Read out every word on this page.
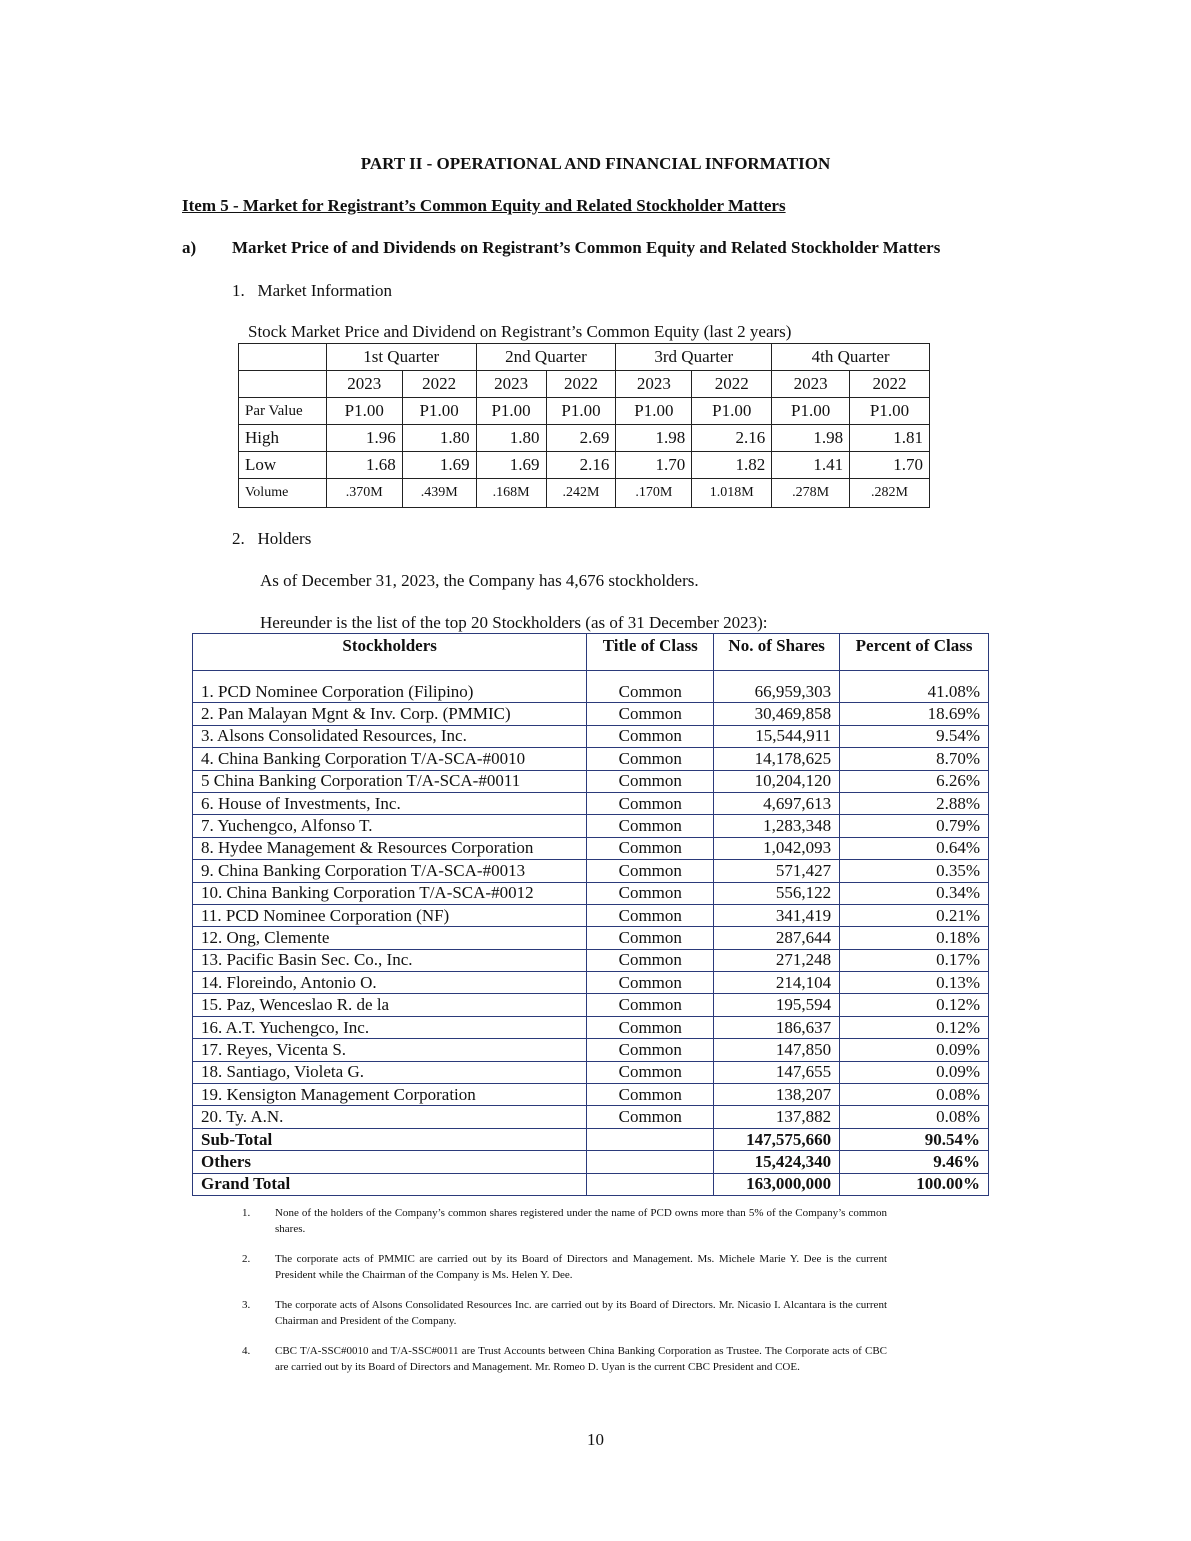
PART II - OPERATIONAL AND FINANCIAL INFORMATION
Item 5 - Market for Registrant’s Common Equity and Related Stockholder Matters
a) Market Price of and Dividends on Registrant’s Common Equity and Related Stockholder Matters
1.   Market Information
Stock Market Price and Dividend on Registrant’s Common Equity (last 2 years)
	1st Quarter		2nd Quarter		3rd Quarter		4th Quarter	
	2023	2022	2023	2022	2023	2022	2023	2022
Par Value	P1.00	P1.00	P1.00	P1.00	P1.00	P1.00	P1.00	P1.00
High	1.96	1.80	1.80	2.69	1.98	2.16	1.98	1.81
Low	1.68	1.69	1.69	2.16	1.70	1.82	1.41	1.70
Volume	.370M	.439M	.168M	.242M	.170M	1.018M	.278M	.282M
2.   Holders
As of December 31, 2023, the Company has 4,676 stockholders.
Hereunder is the list of the top 20 Stockholders (as of 31 December 2023):
Stockholders	Title of Class	No. of Shares	Percent of Class
1. PCD Nominee Corporation (Filipino)	Common	66,959,303	41.08%
2. Pan Malayan Mgnt & Inv. Corp. (PMMIC)	Common	30,469,858	18.69%
3. Alsons Consolidated Resources, Inc.	Common	15,544,911	9.54%
4. China Banking Corporation T/A-SCA-#0010	Common	14,178,625	8.70%
5 China Banking Corporation T/A-SCA-#0011	Common	10,204,120	6.26%
6. House of Investments, Inc.	Common	4,697,613	2.88%
7. Yuchengco, Alfonso T.	Common	1,283,348	0.79%
8. Hydee Management & Resources Corporation	Common	1,042,093	0.64%
9. China Banking Corporation T/A-SCA-#0013	Common	571,427	0.35%
10. China Banking Corporation T/A-SCA-#0012	Common	556,122	0.34%
11. PCD Nominee Corporation (NF)	Common	341,419	0.21%
12. Ong, Clemente	Common	287,644	0.18%
13. Pacific Basin Sec. Co., Inc.	Common	271,248	0.17%
14. Floreindo, Antonio O.	Common	214,104	0.13%
15. Paz, Wenceslao R. de la	Common	195,594	0.12%
16. A.T. Yuchengco, Inc.	Common	186,637	0.12%
17. Reyes, Vicenta S.	Common	147,850	0.09%
18. Santiago, Violeta G.	Common	147,655	0.09%
19. Kensigton Management Corporation	Common	138,207	0.08%
20. Ty. A.N.	Common	137,882	0.08%
Sub-Total		147,575,660	90.54%
Others		15,424,340	9.46%
Grand Total		163,000,000	100.00%
1.	None of the holders of the Company’s common shares registered under the name of PCD owns more than 5% of the Company’s common shares.
2.	The corporate acts of PMMIC are carried out by its Board of Directors and Management. Ms. Michele Marie Y. Dee is the current President while the Chairman of the Company is Ms. Helen Y. Dee.
3.	The corporate acts of Alsons Consolidated Resources Inc. are carried out by its Board of Directors. Mr. Nicasio I. Alcantara is the current Chairman and President of the Company.
4.	CBC T/A-SSC#0010 and T/A-SSC#0011 are Trust Accounts between China Banking Corporation as Trustee. The Corporate acts of CBC are carried out by its Board of Directors and Management. Mr. Romeo D. Uyan is the current CBC President and COE.
10
